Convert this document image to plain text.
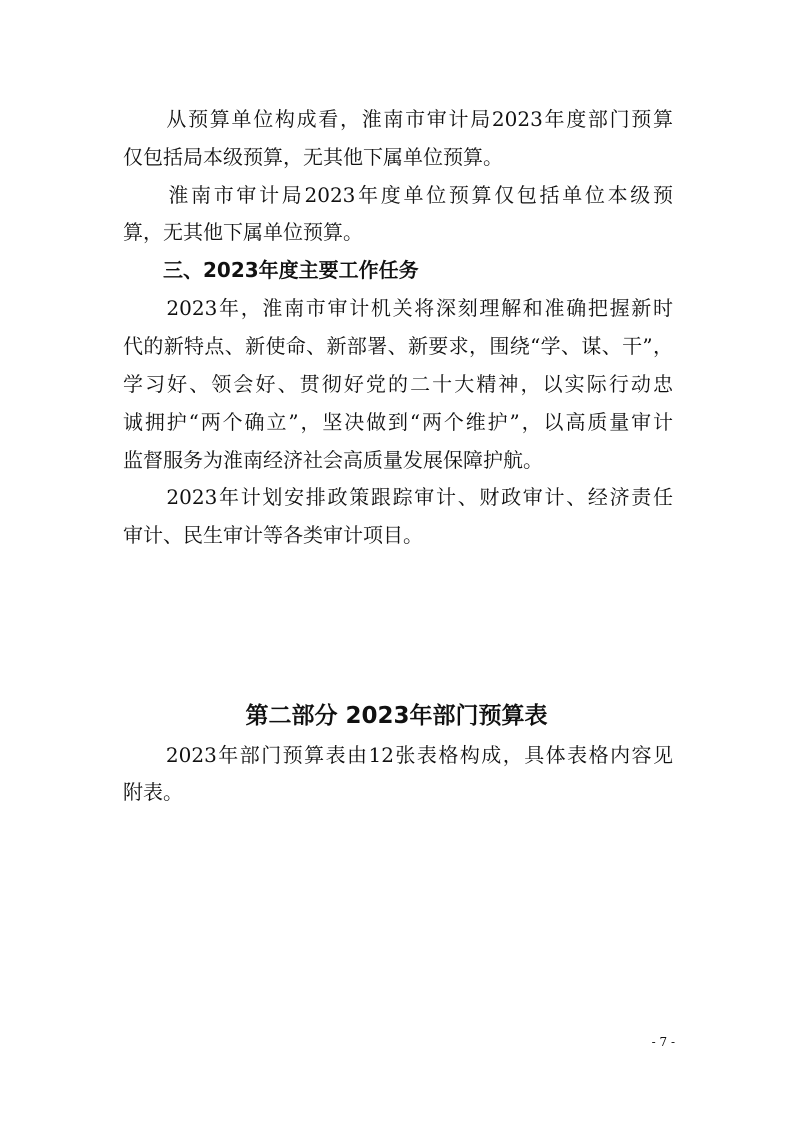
　　从预算单位构成看，淮南市审计局2023年度部门预算
仅包括局本级预算，无其他下属单位预算。
　　淮南市审计局2023年度单位预算仅包括单位本级预
算，无其他下属单位预算。
　　三、2023年度主要工作任务
　　2023年，淮南市审计机关将深刻理解和准确把握新时
代的新特点、新使命、新部署、新要求，围绕“学、谋、干”，
学习好、领会好、贯彻好党的二十大精神，以实际行动忠
诚拥护“两个确立”，坚决做到“两个维护”，以高质量审计
监督服务为淮南经济社会高质量发展保障护航。
　　2023年计划安排政策跟踪审计、财政审计、经济责任
审计、民生审计等各类审计项目。
第二部分 2023年部门预算表
　　2023年部门预算表由12张表格构成，具体表格内容见
附表。
- 7 -
